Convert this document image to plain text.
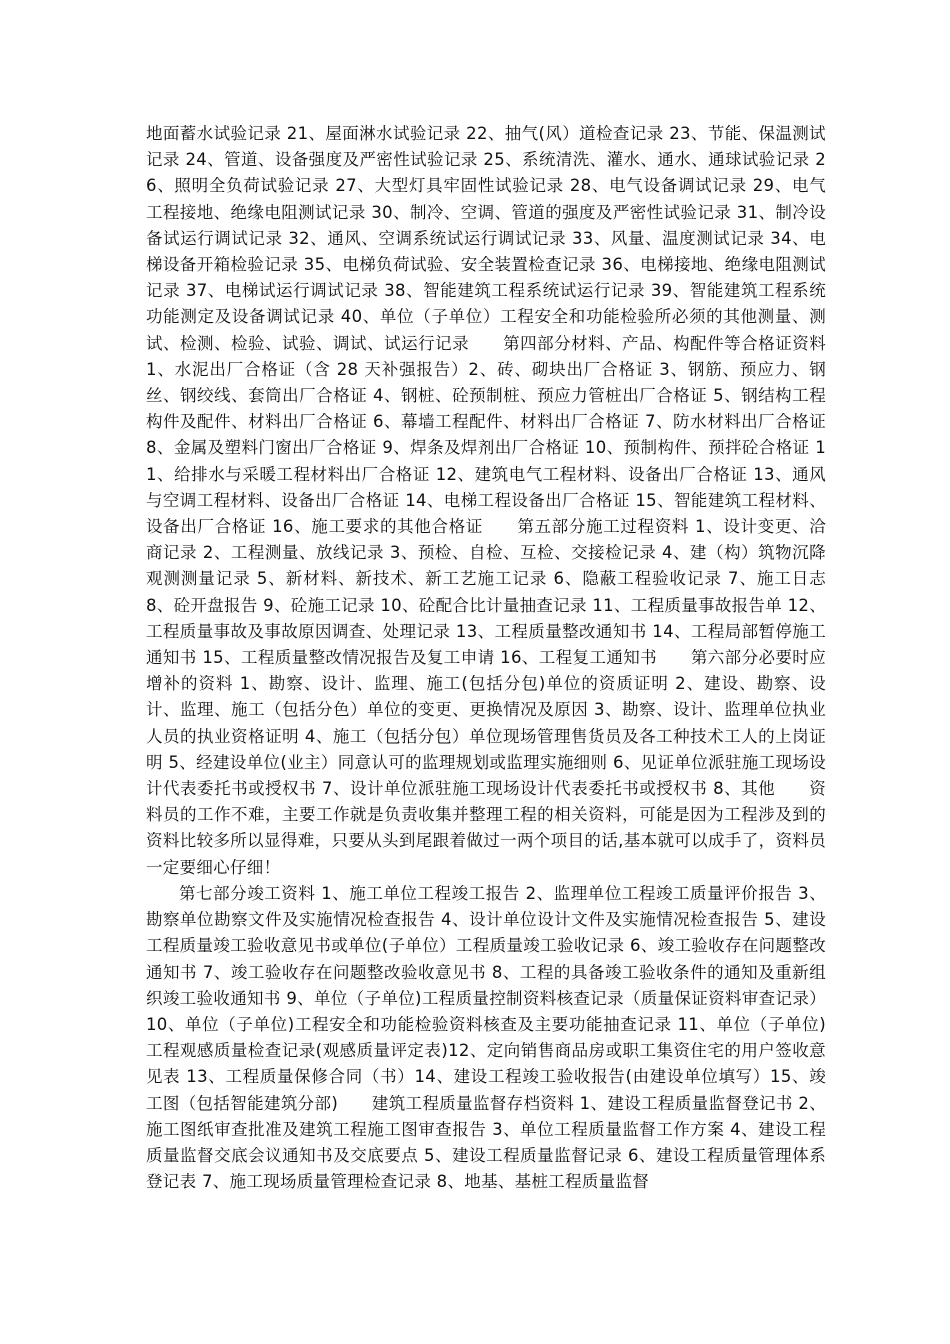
地面蓄水试验记录 21、屋面淋水试验记录 22、抽气(风）道检查记录 23、节能、保温测试记录 24、管道、设备强度及严密性试验记录 25、系统清洗、灌水、通水、通球试验记录 26、照明全负荷试验记录 27、大型灯具牢固性试验记录 28、电气设备调试记录 29、电气工程接地、绝缘电阻测试记录 30、制冷、空调、管道的强度及严密性试验记录 31、制冷设备试运行调试记录 32、通风、空调系统试运行调试记录 33、风量、温度测试记录 34、电梯设备开箱检验记录 35、电梯负荷试验、安全装置检查记录 36、电梯接地、绝缘电阻测试记录 37、电梯试运行调试记录 38、智能建筑工程系统试运行记录 39、智能建筑工程系统功能测定及设备调试记录 40、单位（子单位）工程安全和功能检验所必须的其他测量、测试、检测、检验、试验、调试、试运行记录　　第四部分材料、产品、构配件等合格证资料 1、水泥出厂合格证（含 28 天补强报告）2、砖、砌块出厂合格证 3、钢筋、预应力、钢丝、钢绞线、套筒出厂合格证 4、钢桩、砼预制桩、预应力管桩出厂合格证 5、钢结构工程构件及配件、材料出厂合格证 6、幕墙工程配件、材料出厂合格证 7、防水材料出厂合格证 8、金属及塑料门窗出厂合格证 9、焊条及焊剂出厂合格证 10、预制构件、预拌砼合格证 11、给排水与采暖工程材料出厂合格证 12、建筑电气工程材料、设备出厂合格证 13、通风与空调工程材料、设备出厂合格证 14、电梯工程设备出厂合格证 15、智能建筑工程材料、设备出厂合格证 16、施工要求的其他合格证　　第五部分施工过程资料 1、设计变更、洽商记录 2、工程测量、放线记录 3、预检、自检、互检、交接检记录 4、建（构）筑物沉降观测测量记录 5、新材料、新技术、新工艺施工记录 6、隐蔽工程验收记录 7、施工日志 8、砼开盘报告 9、砼施工记录 10、砼配合比计量抽查记录 11、工程质量事故报告单 12、工程质量事故及事故原因调查、处理记录 13、工程质量整改通知书 14、工程局部暂停施工通知书 15、工程质量整改情况报告及复工申请 16、工程复工通知书　　第六部分必要时应增补的资料 1、勘察、设计、监理、施工(包括分包)单位的资质证明 2、建设、勘察、设计、监理、施工（包括分色）单位的变更、更换情况及原因 3、勘察、设计、监理单位执业人员的执业资格证明 4、施工（包括分包）单位现场管理售货员及各工种技术工人的上岗证明 5、经建设单位(业主）同意认可的监理规划或监理实施细则 6、见证单位派驻施工现场设计代表委托书或授权书 7、设计单位派驻施工现场设计代表委托书或授权书 8、其他　　资料员的工作不难，主要工作就是负责收集并整理工程的相关资料，可能是因为工程涉及到的资料比较多所以显得难，只要从头到尾跟着做过一两个项目的话,基本就可以成手了，资料员一定要细心仔细！

第七部分竣工资料 1、施工单位工程竣工报告 2、监理单位工程竣工质量评价报告 3、勘察单位勘察文件及实施情况检查报告 4、设计单位设计文件及实施情况检查报告 5、建设工程质量竣工验收意见书或单位(子单位）工程质量竣工验收记录 6、竣工验收存在问题整改通知书 7、竣工验收存在问题整改验收意见书 8、工程的具备竣工验收条件的通知及重新组织竣工验收通知书 9、单位（子单位)工程质量控制资料核查记录（质量保证资料审查记录）10、单位（子单位)工程安全和功能检验资料核查及主要功能抽查记录 11、单位（子单位)工程观感质量检查记录(观感质量评定表)12、定向销售商品房或职工集资住宅的用户签收意见表 13、工程质量保修合同（书）14、建设工程竣工验收报告(由建设单位填写）15、竣工图（包括智能建筑分部)　　建筑工程质量监督存档资料 1、建设工程质量监督登记书 2、施工图纸审查批准及建筑工程施工图审查报告 3、单位工程质量监督工作方案 4、建设工程质量监督交底会议通知书及交底要点 5、建设工程质量监督记录 6、建设工程质量管理体系登记表 7、施工现场质量管理检查记录 8、地基、基桩工程质量监督
